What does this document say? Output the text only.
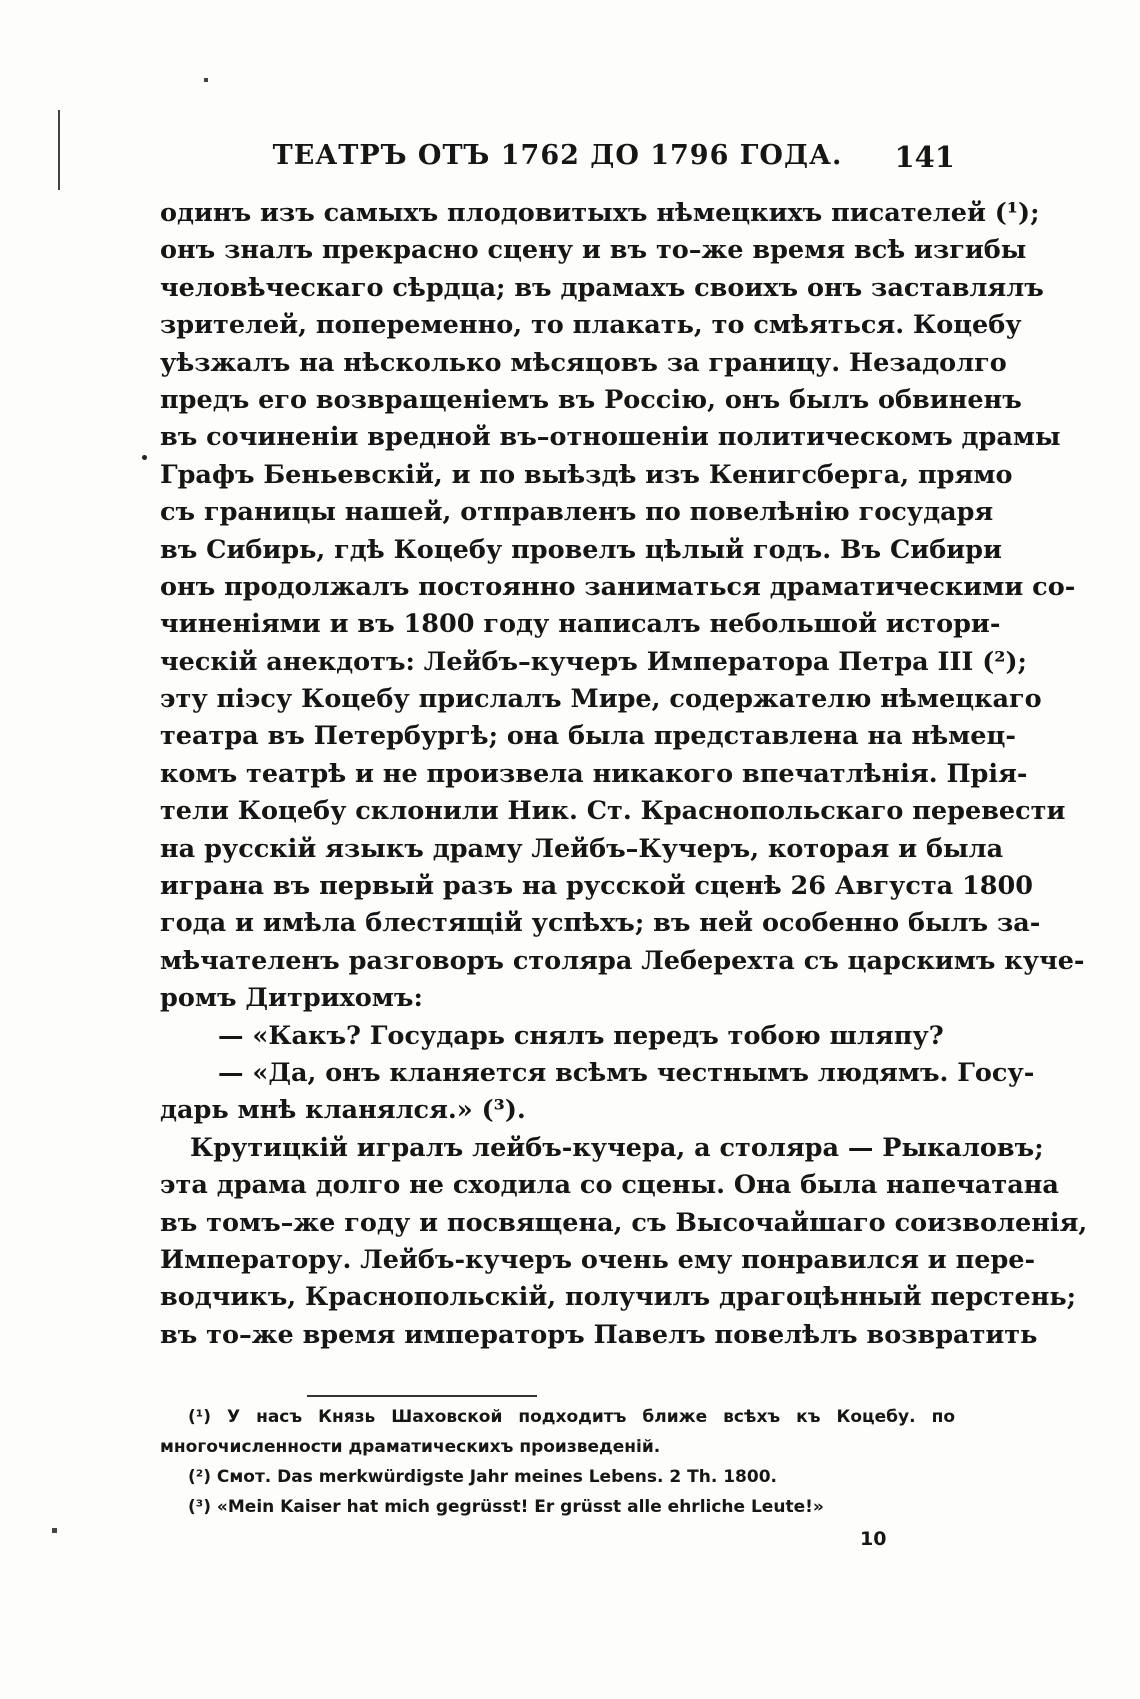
ТЕАТРЪ ОТЪ 1762 ДО 1796 ГОДА.	141
одинъ изъ самыхъ плодовитыхъ нѣмецкихъ писателей (¹);
онъ зналъ прекрасно сцену и въ то–же время всѣ изгибы
человѣческаго сѣрдца; въ драмахъ своихъ онъ заставлялъ
зрителей, попеременно, то плакать, то смѣяться. Коцебу
уѣзжалъ на нѣсколько мѣсяцовъ за границу. Незадолго
предъ его возвращеніемъ въ Россію, онъ былъ обвиненъ
въ сочиненіи вредной въ–отношеніи политическомъ драмы
Графъ Беньевскій, и по выѣздѣ изъ Кенигсберга, прямо
съ границы нашей, отправленъ по повелѣнію государя
въ Сибирь, гдѣ Коцебу провелъ цѣлый годъ. Въ Сибири
онъ продолжалъ постоянно заниматься драматическими со-
чиненіями и въ 1800 году написалъ небольшой истори-
ческій анекдотъ: Лейбъ–кучеръ Императора Петра III (²);
эту піэсу Коцебу прислалъ Мире, содержателю нѣмецкаго
театра въ Петербургѣ; она была представлена на нѣмец-
комъ театрѣ и не произвела никакого впечатлѣнія. Прія-
тели Коцебу склонили Ник. Ст. Краснопольскаго перевести
на русскій языкъ драму Лейбъ–Кучеръ, которая и была
играна въ первый разъ на русской сценѣ 26 Августа 1800
года и имѣла блестящій успѣхъ; въ ней особенно былъ за-
мѣчателенъ разговоръ столяра Леберехта съ царскимъ куче-
ромъ Дитрихомъ:
— «Какъ? Государь снялъ передъ тобою шляпу?
— «Да, онъ кланяется всѣмъ честнымъ людямъ. Госу-
дарь мнѣ кланялся.» (³).
Крутицкій игралъ лейбъ-кучера, а столяра — Рыкаловъ;
эта драма долго не сходила со сцены. Она была напечатана
въ томъ–же году и посвящена, съ Высочайшаго соизволенія,
Императору. Лейбъ-кучеръ очень ему понравился и пере-
водчикъ, Краснопольскій, получилъ драгоцѣнный перстень;
въ то–же время императоръ Павелъ повелѣлъ возвратить
(¹) У насъ Князь Шаховской подходитъ ближе всѣхъ къ Коцебу. по
многочисленности драматическихъ произведеній.
(²) Смот. Das merkwürdigste Jahr meines Lebens. 2 Th. 1800.
(³) «Mein Kaiser hat mich gegrüsst! Er grüsst alle ehrliche Leute!»
10
